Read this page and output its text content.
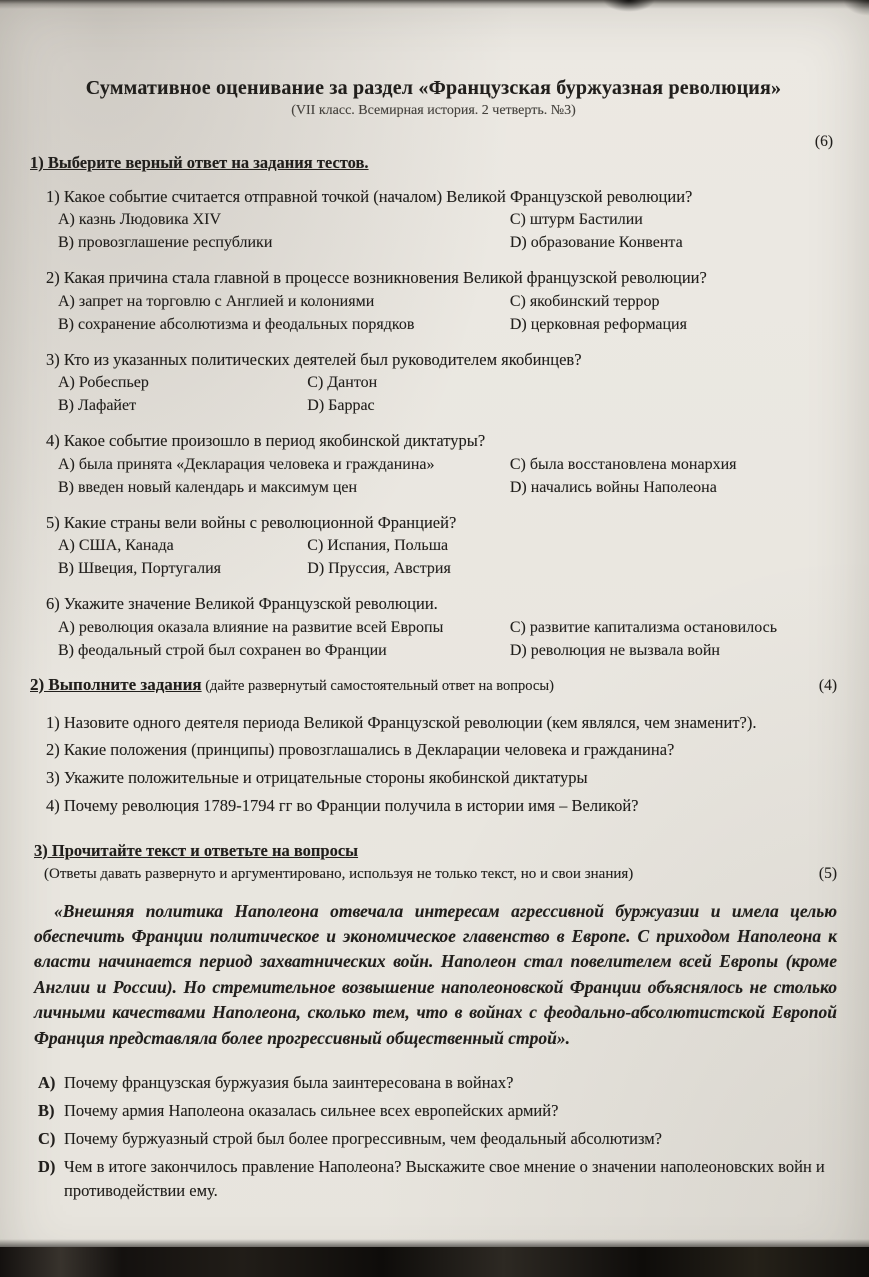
Суммативное оценивание за раздел «Французская буржуазная революция»
(VII класс. Всемирная история. 2 четверть. №3)
(6)
1) Выберите верный ответ на задания тестов.
1) Какое событие считается отправной точкой (началом) Великой Французской революции?
A) казнь Людовика XIV	C) штурм Бастилии
B) провозглашение республики	D) образование Конвента
2) Какая причина стала главной в процессе возникновения Великой французской революции?
A) запрет на торговлю с Англией и колониями	C) якобинский террор
B) сохранение абсолютизма и феодальных порядков	D) церковная реформация
3) Кто из указанных политических деятелей был руководителем якобинцев?
A) Робеспьер	C) Дантон
B) Лафайет	D) Баррас
4) Какое событие произошло в период якобинской диктатуры?
A) была принята «Декларация человека и гражданина»	C) была восстановлена монархия
B) введен новый календарь и максимум цен	D) начались войны Наполеона
5) Какие страны вели войны с революционной Францией?
A) США, Канада	C) Испания, Польша
B) Швеция, Португалия	D) Пруссия, Австрия
6) Укажите значение Великой Французской революции.
A) революция оказала влияние на развитие всей Европы	C) развитие капитализма остановилось
B) феодальный строй был сохранен во Франции	D) революция не вызвала войн
2) Выполните задания (дайте развернутый самостоятельный ответ на вопросы)	(4)
1) Назовите одного деятеля периода Великой Французской революции (кем являлся, чем знаменит?).
2) Какие положения (принципы) провозглашались в Декларации человека и гражданина?
3) Укажите положительные и отрицательные стороны якобинской диктатуры
4) Почему революция 1789-1794 гг во Франции получила в истории имя – Великой?
3) Прочитайте текст и ответьте на вопросы
(Ответы давать развернуто и аргументировано, используя не только текст, но и свои знания)	(5)

«Внешняя политика Наполеона отвечала интересам агрессивной буржуазии и имела целью обеспечить Франции политическое и экономическое главенство в Европе. С приходом Наполеона к власти начинается период захватнических войн. Наполеон стал повелителем всей Европы (кроме Англии и России). Но стремительное возвышение наполеоновской Франции объяснялось не столько личными качествами Наполеона, сколько тем, что в войнах с феодально-абсолютистской Европой Франция представляла более прогрессивный общественный строй».

A) Почему французская буржуазия была заинтересована в войнах?
B) Почему армия Наполеона оказалась сильнее всех европейских армий?
C) Почему буржуазный строй был более прогрессивным, чем феодальный абсолютизм?
D) Чем в итоге закончилось правление Наполеона? Выскажите свое мнение о значении наполеоновских войн и противодействии ему.
